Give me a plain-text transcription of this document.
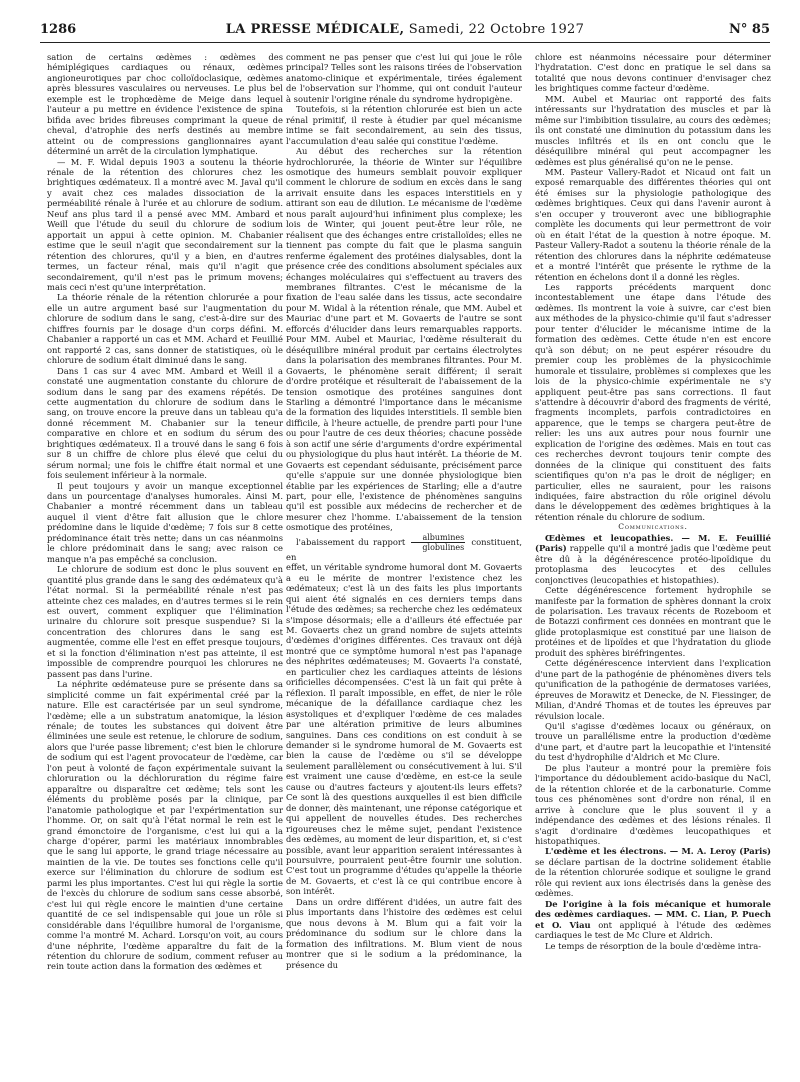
1286	LA PRESSE MÉDICALE, Samedi, 22 Octobre 1927	N° 85

sation de certains œdèmes : œdèmes des hémiplégiques cardiaques ou rénaux, œdèmes angioneurotiques par choc colloïdoclasique, œdèmes après blessures vasculaires ou nerveuses. Le plus bel exemple est le trophœdème de Meige dans lequel l'auteur a pu mettre en évidence l'existence de spina bifida avec brides fibreuses comprimant la queue de cheval, d'atrophie des nerfs destinés au membre atteint ou de compressions ganglionnaires ayant déterminé un arrêt de la circulation lymphatique.

— M. F. Widal depuis 1903 a soutenu la théorie rénale de la rétention des chlorures chez les brightiques œdémateux. Il a montré avec M. Javal qu'il y avait chez ces malades dissociation de la perméabilité rénale à l'urée et au chlorure de sodium. Neuf ans plus tard il a pensé avec MM. Ambard et Weill que l'étude du seuil du chlorure de sodium apportait un appui à cette opinion. M. Chabanier estime que le seuil n'agit que secondairement sur la rétention des chlorures, qu'il y a bien, en d'autres termes, un facteur rénal, mais qu'il n'agit que secondairement, qu'il n'est pas le primum movens; mais ceci n'est qu'une interprétation.

La théorie rénale de la rétention chlorurée a pour elle un autre argument basé sur l'augmentation du chlorure de sodium dans le sang, c'est-à-dire sur des chiffres fournis par le dosage d'un corps défini. M. Chabanier a rapporté un cas et MM. Achard et Feuillié ont rapporté 2 cas, sans donner de statistiques, où le chlorure de sodium était diminué dans le sang.

Dans 1 cas sur 4 avec MM. Ambard et Weill il a constaté une augmentation constante du chlorure de sodium dans le sang par des examens répétés. De cette augmentation du chlorure de sodium dans le sang, on trouve encore la preuve dans un tableau qu'a donné récemment M. Chabanier sur la teneur comparative en chlore et en sodium du sérum des brightiques œdémateux. Il a trouvé dans le sang 6 fois sur 8 un chiffre de chlore plus élevé que celui du sérum normal; une fois le chiffre était normal et une fois seulement inférieur à la normale.

Il peut toujours y avoir un manque exceptionnel dans un pourcentage d'analyses humorales. Ainsi M. Chabanier a montré récemment dans un tableau auquel il vient d'être fait allusion que le chlore prédomine dans le liquide d'œdème; 7 fois sur 8 cette prédominance était très nette; dans un cas néanmoins le chlore prédominait dans le sang; avec raison ce manque n'a pas empêché sa conclusion.

Le chlorure de sodium est donc le plus souvent en quantité plus grande dans le sang des œdémateux qu'à l'état normal. Si la perméabilité rénale n'est pas atteinte chez ces malades, en d'autres termes si le rein est ouvert, comment expliquer que l'élimination urinaire du chlorure soit presque suspendue? Si la concentration des chlorures dans le sang est augmentée, comme elle l'est en effet presque toujours, et si la fonction d'élimination n'est pas atteinte, il est impossible de comprendre pourquoi les chlorures ne passent pas dans l'urine.

La néphrite œdémateuse pure se présente dans sa simplicité comme un fait expérimental créé par la nature. Elle est caractérisée par un seul syndrome, l'œdème; elle a un substratum anatomique, la lésion rénale; de toutes les substances qui doivent être éliminées une seule est retenue, le chlorure de sodium, alors que l'urée passe librement; c'est bien le chlorure de sodium qui est l'agent provocateur de l'œdème, car l'on peut à volonté de façon expérimentale suivant la chloruration ou la déchloruration du régime faire apparaître ou disparaître cet œdème; tels sont les éléments du problème posés par la clinique, par l'anatomie pathologique et par l'expérimentation sur l'homme. Or, on sait qu'à l'état normal le rein est le grand émonctoire de l'organisme, c'est lui qui a la charge d'opérer, parmi les matériaux innombrables que le sang lui apporte, le grand triage nécessaire au maintien de la vie. De toutes ses fonctions celle qu'il exerce sur l'élimination du chlorure de sodium est parmi les plus importantes. C'est lui qui règle la sortie de l'excès du chlorure de sodium sans cesse absorbé, c'est lui qui règle encore le maintien d'une certaine quantité de ce sel indispensable qui joue un rôle si considérable dans l'équilibre humoral de l'organisme, comme l'a montré M. Achard. Lorsqu'on voit, au cours d'une néphrite, l'œdème apparaître du fait de la rétention du chlorure de sodium, comment refuser au rein toute action dans la formation des œdèmes et

comment ne pas penser que c'est lui qui joue le rôle principal? Telles sont les raisons tirées de l'observation anatomo-clinique et expérimentale, tirées également de l'observation sur l'homme, qui ont conduit l'auteur à soutenir l'origine rénale du syndrome hydropigène.

Toutefois, si la rétention chlorurée est bien un acte rénal primitif, il reste à étudier par quel mécanisme intime se fait secondairement, au sein des tissus, l'accumulation d'eau salée qui constitue l'œdème.

Au début des recherches sur la rétention hydrochlorurée, la théorie de Winter sur l'équilibre osmotique des humeurs semblait pouvoir expliquer comment le chlorure de sodium en excès dans le sang arrivait ensuite dans les espaces interstitiels en y attirant son eau de dilution. Le mécanisme de l'œdème nous paraît aujourd'hui infiniment plus complexe; les lois de Winter, qui jouent peut-être leur rôle, ne réalisent que des échanges entre cristalloïdes; elles ne tiennent pas compte du fait que le plasma sanguin renferme également des protéines dialysables, dont la présence crée des conditions absolument spéciales aux échanges moléculaires qui s'effectuent au travers des membranes filtrantes. C'est le mécanisme de la fixation de l'eau salée dans les tissus, acte secondaire pour M. Widal à la rétention rénale, que MM. Aubel et Mauriac d'une part et M. Govaerts de l'autre se sont efforcés d'élucider dans leurs remarquables rapports. Pour MM. Aubel et Mauriac, l'œdème résulterait du déséquilibre minéral produit par certains électrolytes dans la polarisation des membranes filtrantes. Pour M. Govaerts, le phénomène serait différent; il serait d'ordre protéique et résulterait de l'abaissement de la tension osmotique des protéines sanguines dont Starling a démontré l'importance dans le mécanisme de la formation des liquides interstitiels. Il semble bien difficile, à l'heure actuelle, de prendre parti pour l'une ou pour l'autre de ces deux théories; chacune possède à son actif une série d'arguments d'ordre expérimental ou physiologique du plus haut intérêt. La théorie de M. Govaerts est cependant séduisante, précisément parce qu'elle s'appuie sur une donnée physiologique bien établie par les expériences de Starling; elle a d'autre part, pour elle, l'existence de phénomènes sanguins qu'il est possible aux médecins de rechercher et de mesurer chez l'homme. L'abaissement de la tension osmotique des protéines,

l'abaissement du rapport $\frac{\text{albumines}}{\text{globulines}}$ constituent, en

effet, un véritable syndrome humoral dont M. Govaerts a eu le mérite de montrer l'existence chez les œdémateux; c'est là un des faits les plus importants qui aient été signalés en ces derniers temps dans l'étude des œdèmes; sa recherche chez les œdémateux s'impose désormais; elle a d'ailleurs été effectuée par M. Govaerts chez un grand nombre de sujets atteints d'œdèmes d'origines différentes. Ces travaux ont déjà montré que ce symptôme humoral n'est pas l'apanage des néphrites œdémateuses; M. Govaerts l'a constaté, en particulier chez les cardiaques atteints de lésions orificielles décompensées. C'est là un fait qui prête à réflexion. Il paraît impossible, en effet, de nier le rôle mécanique de la défaillance cardiaque chez les asystoliques et d'expliquer l'œdème de ces malades par une altération primitive de leurs albumines sanguines. Dans ces conditions on est conduit à se demander si le syndrome humoral de M. Govaerts est bien la cause de l'œdème ou s'il se développe seulement parallèlement ou consécutivement à lui. S'il est vraiment une cause d'œdème, en est-ce la seule cause ou d'autres facteurs y ajoutent-ils leurs effets? Ce sont là des questions auxquelles il est bien difficile de donner, dès maintenant, une réponse catégorique et qui appellent de nouvelles études. Des recherches rigoureuses chez le même sujet, pendant l'existence des œdèmes, au moment de leur disparition, et, si c'est possible, avant leur apparition seraient intéressantes à poursuivre, pourraient peut-être fournir une solution. C'est tout un programme d'études qu'appelle la théorie de M. Govaerts, et c'est là ce qui contribue encore à son intérêt.

Dans un ordre différent d'idées, un autre fait des plus importants dans l'histoire des œdèmes est celui que nous devons à M. Blum qui a fait voir la prédominance du sodium sur le chlore dans la formation des infiltrations. M. Blum vient de nous montrer que si le sodium a la prédominance, la présence du

chlore est néanmoins nécessaire pour déterminer l'hydratation. C'est donc en pratique le sel dans sa totalité que nous devons continuer d'envisager chez les brightiques comme facteur d'œdème.

MM. Aubel et Mauriac ont rapporté des faits intéressants sur l'hydratation des muscles et par là même sur l'imbibition tissulaire, au cours des œdèmes; ils ont constaté une diminution du potassium dans les muscles infiltrés et ils en ont conclu que le déséquilibre minéral qui peut accompagner les œdèmes est plus généralisé qu'on ne le pense.

MM. Pasteur Vallery-Radot et Nicaud ont fait un exposé remarquable des différentes théories qui ont été émises sur la physiologie pathologique des œdèmes brightiques. Ceux qui dans l'avenir auront à s'en occuper y trouveront avec une bibliographie complète les documents qui leur permettront de voir où en était l'état de la question à notre époque. M. Pasteur Vallery-Radot a soutenu la théorie rénale de la rétention des chlorures dans la néphrite œdémateuse et a montré l'intérêt que présente le rythme de la rétention en échelons dont il a donné les règles.

Les rapports précédents marquent donc incontestablement une étape dans l'étude des œdèmes. Ils montrent la voie à suivre, car c'est bien aux méthodes de la physico-chimie qu'il faut s'adresser pour tenter d'élucider le mécanisme intime de la formation des œdèmes. Cette étude n'en est encore qu'à son début; on ne peut espérer résoudre du premier coup les problèmes de la physicochimie humorale et tissulaire, problèmes si complexes que les lois de la physico-chimie expérimentale ne s'y appliquent peut-être pas sans corrections. Il faut s'attendre à découvrir d'abord des fragments de vérité, fragments incomplets, parfois contradictoires en apparence, que le temps se chargera peut-être de relier: les uns aux autres pour nous fournir une explication de l'origine des œdèmes. Mais en tout cas ces recherches devront toujours tenir compte des données de la clinique qui constituent des faits scientifiques qu'on n'a pas le droit de négliger; en particulier, elles ne sauraient, pour les raisons indiquées, faire abstraction du rôle originel dévolu dans le développement des œdèmes brightiques à la rétention rénale du chlorure de sodium.

Communications.

Œdèmes et leucopathies. — M. E. Feuillié (Paris) rappelle qu'il a montré jadis que l'œdème peut être dû à la dégénérescence protéo-lipoïdique du protoplasma des leucocytes et des cellules conjonctives (leucopathies et histopathies).

Cette dégénérescence fortement hydrophile se manifeste par la formation de sphères donnant la croix de polarisation. Les travaux récents de Rozeboom et de Botazzi confirment ces données en montrant que le glide protoplasmique est constitué par une liaison de protéines et de lipoïdes et que l'hydratation du gliode produit des sphères biréfringentes.

Cette dégénérescence intervient dans l'explication d'une part de la pathogénie de phénomènes divers tels qu'unification de la pathogénie de dermatoses variées, épreuves de Morawitz et Denecke, de N. Fiessinger, de Milian, d'André Thomas et de toutes les épreuves par révulsion locale.

Qu'il s'agisse d'œdèmes locaux ou généraux, on trouve un parallélisme entre la production d'œdème d'une part, et d'autre part la leucopathie et l'intensité du test d'hydrophilie d'Aldrich et Mc Clure.

De plus l'auteur a montré pour la première fois l'importance du dédoublement acido-basique du NaCl, de la rétention chlorée et de la carbonaturie. Comme tous ces phénomènes sont d'ordre non rénal, il en arrive à conclure que le plus souvent il y a indépendance des œdèmes et des lésions rénales. Il s'agit d'ordinaire d'œdèmes leucopathiques et histopathiques.

L'œdème et les électrons. — M. A. Leroy (Paris) se déclare partisan de la doctrine solidement établie de la rétention chlorurée sodique et souligne le grand rôle qui revient aux ions électrisés dans la genèse des œdèmes.

De l'origine à la fois mécanique et humorale des œdèmes cardiaques. — MM. C. Lian, P. Puech et O. Viau ont appliqué à l'étude des œdèmes cardiaques le test de Mc Clure et Aldrich.

Le temps de résorption de la boule d'œdème intra-
